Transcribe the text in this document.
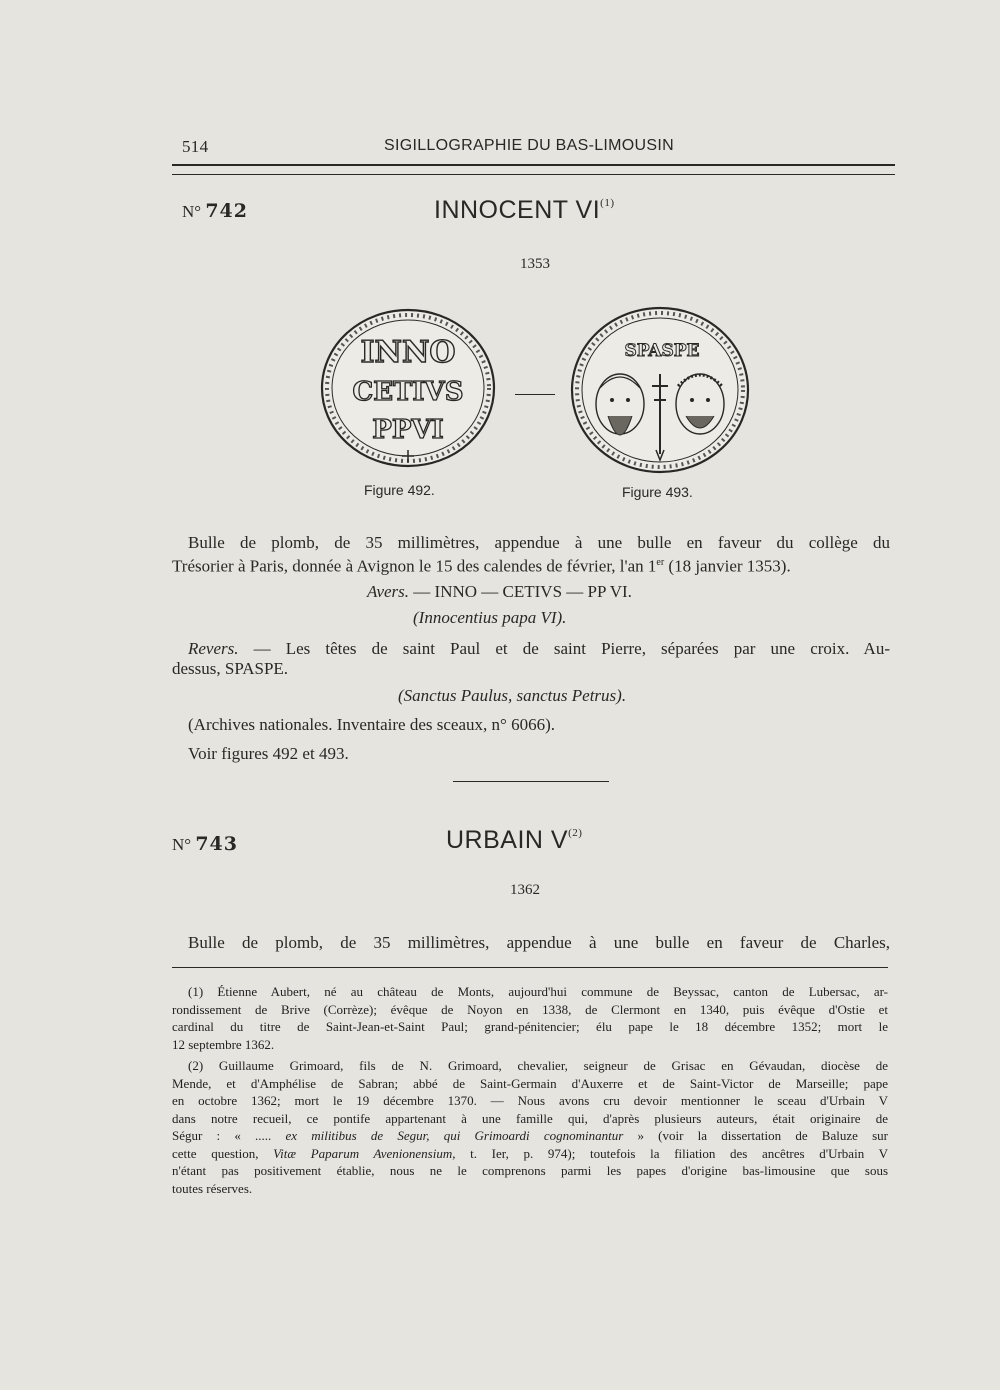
514	SIGILLOGRAPHIE DU BAS-LIMOUSIN
N° 742	INNOCENT VI$^{(1)}$
1353
INNO
CETIVS
PPVI
SPASPE
Figure 492.	Figure 493.
Bulle de plomb, de 35 millimètres, appendue à une bulle en faveur du collège du
Trésorier à Paris, donnée à Avignon le 15 des calendes de février, l'an 1er (18 janvier 1353).
Avers. — INNO — CETIVS — PP VI.
(Innocentius papa VI).
Revers. — Les têtes de saint Paul et de saint Pierre, séparées par une croix. Au-
dessus, SPASPE.
(Sanctus Paulus, sanctus Petrus).
(Archives nationales. Inventaire des sceaux, n° 6066).
Voir figures 492 et 493.
N° 743	URBAIN $V^{(2)}$
1362
Bulle de plomb, de 35 millimètres, appendue à une bulle en faveur de Charles,
(1) Étienne Aubert, né au château de Monts, aujourd'hui commune de Beyssac, canton de Lubersac, ar-
rondissement de Brive (Corrèze); évêque de Noyon en 1338, de Clermont en 1340, puis évêque d'Ostie et
cardinal du titre de Saint-Jean-et-Saint Paul; grand-pénitencier; élu pape le 18 décembre 1352; mort le
12 septembre 1362.
(2) Guillaume Grimoard, fils de N. Grimoard, chevalier, seigneur de Grisac en Gévaudan, diocèse de
Mende, et d'Amphélise de Sabran; abbé de Saint-Germain d'Auxerre et de Saint-Victor de Marseille; pape
en octobre 1362; mort le 19 décembre 1370. — Nous avons cru devoir mentionner le sceau d'Urbain V
dans notre recueil, ce pontife appartenant à une famille qui, d'après plusieurs auteurs, était originaire de
Ségur : « ..... ex militibus de Segur, qui Grimoardi cognominantur » (voir la dissertation de Baluze sur
cette question, Vitæ Paparum Avenionensium, t. Ier, p. 974); toutefois la filiation des ancêtres d'Urbain V
n'étant pas positivement établie, nous ne le comprenons parmi les papes d'origine bas-limousine que sous
toutes réserves.
